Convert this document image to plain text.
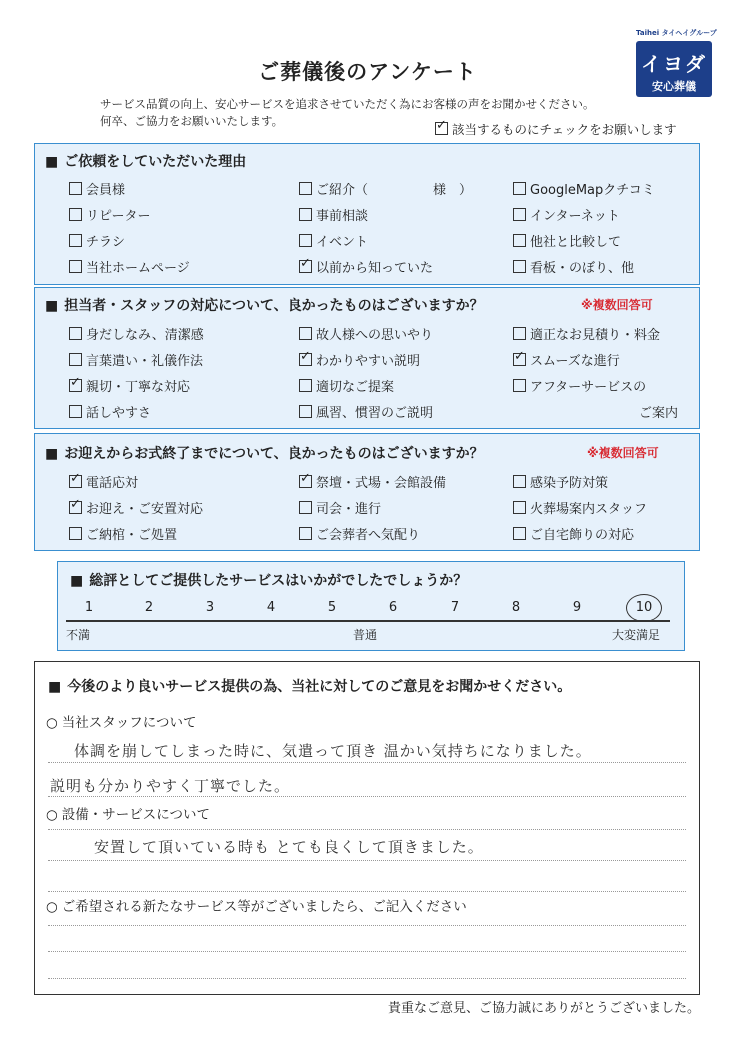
ご葬儀後のアンケート
Taihei タイヘイグループ
イヨダ
安心葬儀
サービス品質の向上、安心サービスを追求させていただく為にお客様の声をお聞かせください。
何卒、ご協力をお願いいたします。
✓該当するものにチェックをお願いします
■ ご依頼をしていただいた理由
会員様	ご紹介（　　　　　様　）	GoogleMapクチコミ
リピーター	事前相談	インターネット
チラシ	イベント	他社と比較して
当社ホームページ ✓	以前から知っていた	看板・のぼり、他
■ 担当者・スタッフの対応について、良かったものはございますか？	※複数回答可
身だしなみ、清潔感	故人様への思いやり	適正なお見積り・料金
言葉遣い・礼儀作法 ✓	わかりやすい説明 ✓	スムーズな進行
✓親切・丁寧な対応	適切なご提案	アフターサービスの
話しやすさ	風習、慣習のご説明	ご案内
■ お迎えからお式終了までについて、良かったものはございますか？	※複数回答可
✓電話応対 ✓	祭壇・式場・会館設備	感染予防対策
✓お迎え・ご安置対応	司会・進行	火葬場案内スタッフ
ご納棺・ご処置	ご会葬者へ気配り	ご自宅飾りの対応
■ 総評としてご提供したサービスはいかがでしたでしょうか？
1	2	3	4	5	6	7	8	9	10
不満	普通	大変満足
■ 今後のより良いサービス提供の為、当社に対してのご意見をお聞かせください。
○ 当社スタッフについて
体調を崩してしまった時に、気遣って頂き 温かい気持ちになりました。
説明も分かりやすく丁寧でした。
○ 設備・サービスについて
安置して頂いている時も とても良くして頂きました。
○ ご希望される新たなサービス等がございましたら、ご記入ください
貴重なご意見、ご協力誠にありがとうございました。
